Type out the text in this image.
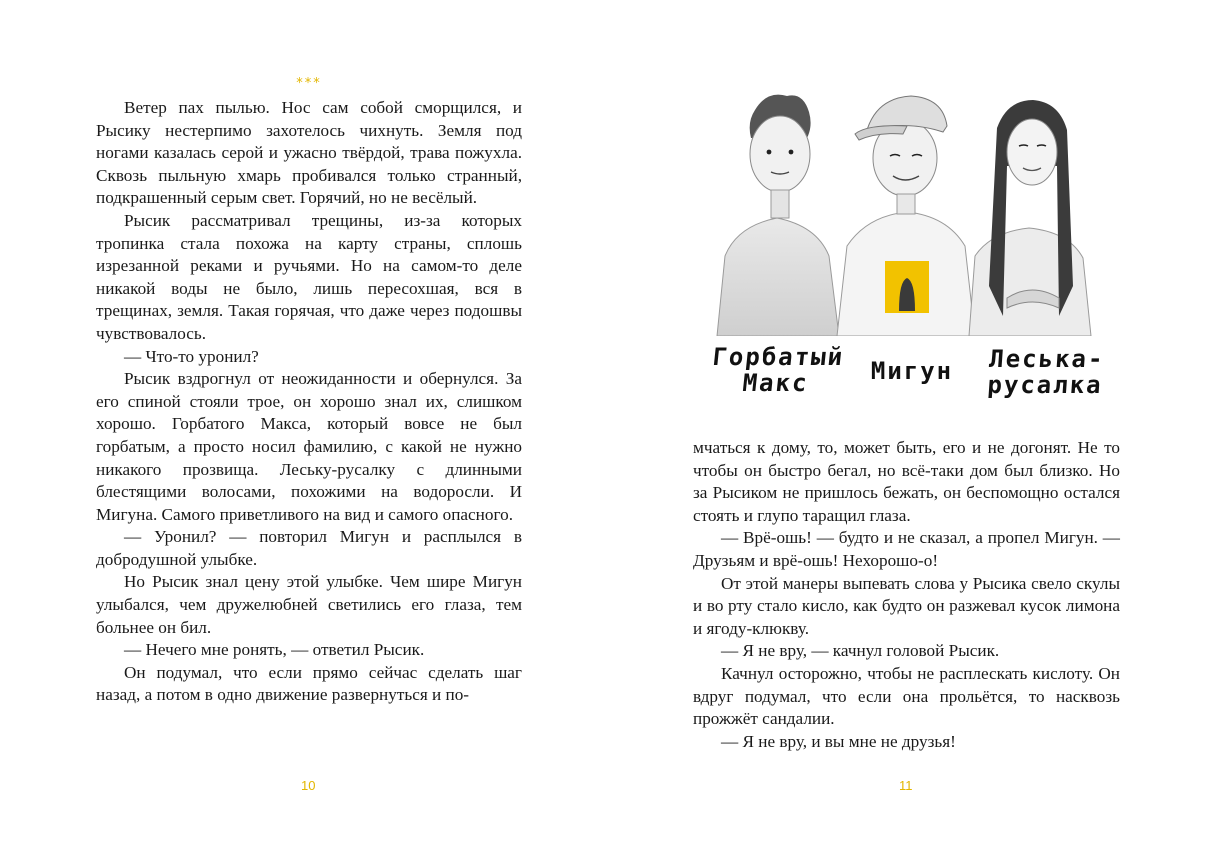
***

Ветер пах пылью. Нос сам собой сморщился, и Рысику нестерпимо захотелось чихнуть. Земля под ногами казалась серой и ужасно твёрдой, трава пожухла. Сквозь пыльную хмарь пробивался только странный, подкрашенный серым свет. Горячий, но не весёлый.

Рысик рассматривал трещины, из-за которых тропинка стала похожа на карту страны, сплошь изрезанной реками и ручьями. Но на самом-то деле никакой воды не было, лишь пересохшая, вся в трещинах, земля. Такая горячая, что даже через подошвы чувствовалось.

— Что-то уронил?

Рысик вздрогнул от неожиданности и обернулся. За его спиной стояли трое, он хорошо знал их, слишком хорошо. Горбатого Макса, который вовсе не был горбатым, а просто носил фамилию, с какой не нужно никакого прозвища. Леську-русалку с длинными блестящими волосами, похожими на водоросли. И Мигуна. Самого приветливого на вид и самого опасного.

— Уронил? — повторил Мигун и расплылся в добродушной улыбке.

Но Рысик знал цену этой улыбке. Чем шире Мигун улыбался, чем дружелюбней светились его глаза, тем больнее он бил.

— Нечего мне ронять, — ответил Рысик.

Он подумал, что если прямо сейчас сделать шаг назад, а потом в одно движение развернуться и по-

10
Горбатый
Макс	Мигун	Леська-
русалка

мчаться к дому, то, может быть, его и не догонят. Не то чтобы он быстро бегал, но всё-таки дом был близко. Но за Рысиком не пришлось бежать, он беспомощно остался стоять и глупо таращил глаза.

— Врё-ошь! — будто и не сказал, а пропел Мигун. — Друзьям и врё-ошь! Нехорошо-о!

От этой манеры выпевать слова у Рысика свело скулы и во рту стало кисло, как будто он разжевал кусок лимона и ягоду-клюкву.

— Я не вру, — качнул головой Рысик.

Качнул осторожно, чтобы не расплескать кислоту. Он вдруг подумал, что если она прольётся, то насквозь прожжёт сандалии.

— Я не вру, и вы мне не друзья!

11
